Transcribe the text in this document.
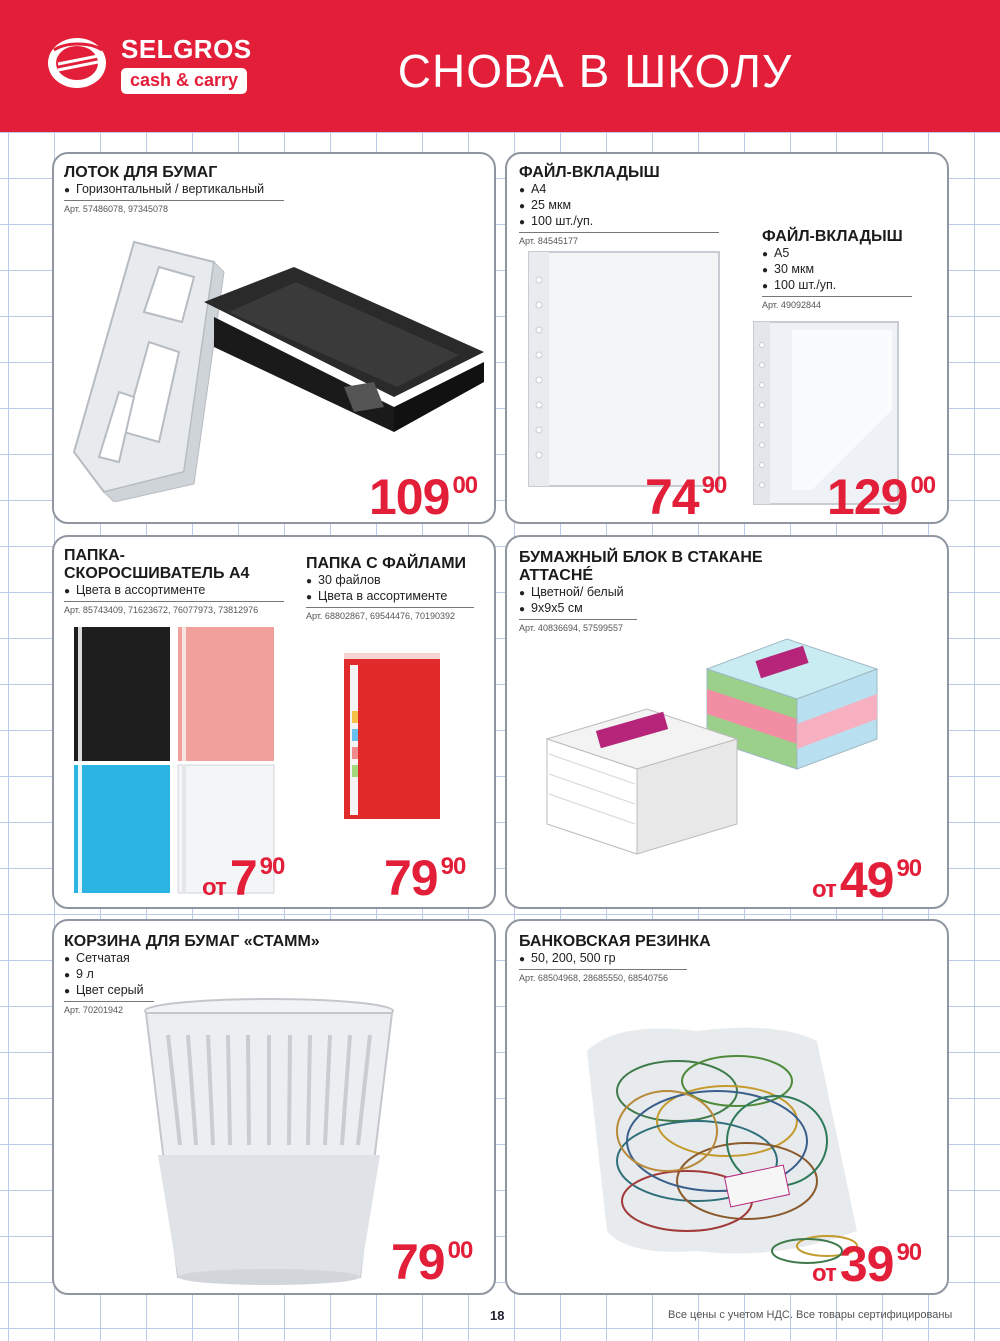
SELGROS
cash & carry	СНОВА В ШКОЛУ
ЛОТОК ДЛЯ БУМАГ
● Горизонтальный / вертикальный
Арт. 57486078, 97345078
109 00
ФАЙЛ-ВКЛАДЫШ
● А4
● 25 мкм
● 100 шт./уп.
Арт. 84545177	ФАЙЛ-ВКЛАДЫШ
● А5
● 30 мкм
● 100 шт./уп.
Арт. 49092844
74 90 129 00
ПАПКА-
СКОРОСШИВАТЕЛЬ А4
● Цвета в ассортименте
Арт. 85743409, 71623672, 76077973, 73812976
ПАПКА С ФАЙЛАМИ
● 30 файлов
● Цвета в ассортименте
Арт. 68802867, 69544476, 70190392
от7 90 79 90
БУМАЖНЫЙ БЛОК В СТАКАНЕ
ATTACHÉ
● Цветной/ белый
● 9х9х5 см
Арт. 40836694, 57599557
от49 90
КОРЗИНА ДЛЯ БУМАГ «СТАММ»
● Сетчатая
● 9 л
● Цвет серый
Арт. 70201942
79 00
БАНКОВСКАЯ РЕЗИНКА
● 50, 200, 500 гр
Арт. 68504968, 28685550, 68540756
от39 90
18	Все цены с учетом НДС. Все товары сертифицированы
